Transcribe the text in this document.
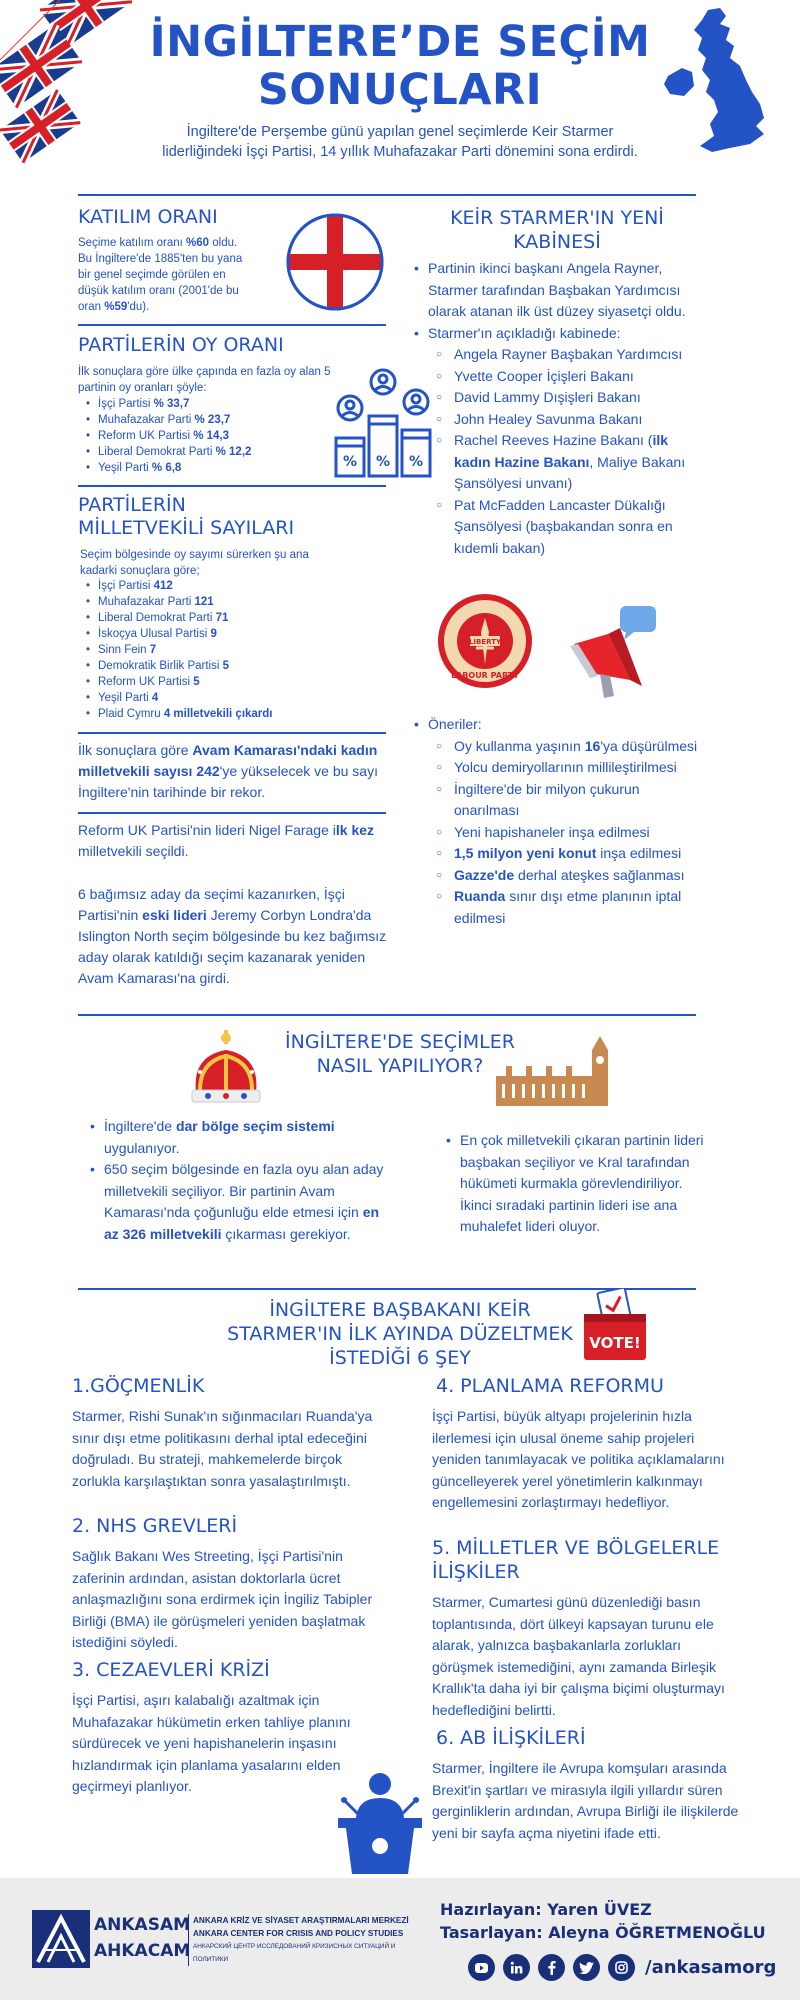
İNGİLTERE’DE SEÇİM
SONUÇLARI
İngiltere'de Perşembe günü yapılan genel seçimlerde Keir Starmer liderliğindeki İşçi Partisi, 14 yıllık Muhafazakar Parti dönemini sona erdirdi.
KATILIM ORANI
Seçime katılım oranı %60 oldu. Bu İngiltere'de 1885'ten bu yana bir genel seçimde görülen en düşük katılım oranı (2001'de bu oran %59'du).
PARTİLERİN OY ORANI
İlk sonuçlara göre ülke çapında en fazla oy alan 5 partinin oy oranları şöyle:
• İşçi Partisi % 33,7
• Muhafazakar Parti % 23,7
• Reform UK Partisi % 14,3
• Liberal Demokrat Parti % 12,2
• Yeşil Parti % 6,8	% % %
PARTİLERİN
MİLLETVEKİLİ SAYILARI
Seçim bölgesinde oy sayımı sürerken şu ana kadarki sonuçlara göre;
• İşçi Partisi 412
• Muhafazakar Parti 121
• Liberal Demokrat Parti 71
• İskoçya Ulusal Partisi 9
• Sinn Fein 7
• Demokratik Birlik Partisi 5
• Reform UK Partisi 5
• Yeşil Parti 4
• Plaid Cymru 4 milletvekili çıkardı
İlk sonuçlara göre Avam Kamarası'ndaki kadın milletvekili sayısı 242'ye yükselecek ve bu sayı İngiltere'nin tarihinde bir rekor.
Reform UK Partisi'nin lideri Nigel Farage ilk kez milletvekili seçildi.
6 bağımsız aday da seçimi kazanırken, İşçi Partisi'nin eski lideri Jeremy Corbyn Londra'da Islington North seçim bölgesinde bu kez bağımsız aday olarak katıldığı seçim kazanarak yeniden Avam Kamarası'na girdi.
KEİR STARMER'IN YENİ
KABİNESİ
• Partinin ikinci başkanı Angela Rayner, Starmer tarafından Başbakan Yardımcısı olarak atanan ilk üst düzey siyasetçi oldu.
• Starmer'ın açıkladığı kabinede:
○ Angela Rayner Başbakan Yardımcısı
○ Yvette Cooper İçişleri Bakanı
○ David Lammy Dışişleri Bakanı
○ John Healey Savunma Bakanı
○ Rachel Reeves Hazine Bakanı (ilk kadın Hazine Bakanı, Maliye Bakanı Şansölyesi unvanı)
○ Pat McFadden Lancaster Dükalığı Şansölyesi (başbakandan sonra en kıdemli bakan)
LIBERTY
LABOUR PARTY
• Öneriler:
○ Oy kullanma yaşının 16'ya düşürülmesi
○ Yolcu demiryollarının millileştirilmesi
○ İngiltere'de bir milyon çukurun onarılması
○ Yeni hapishaneler inşa edilmesi
○ 1,5 milyon yeni konut inşa edilmesi
○ Gazze'de derhal ateşkes sağlanması
○ Ruanda sınır dışı etme planının iptal edilmesi
İNGİLTERE'DE SEÇİMLER
NASIL YAPILIYOR?
• İngiltere'de dar bölge seçim sistemi uygulanıyor.
• 650 seçim bölgesinde en fazla oyu alan aday milletvekili seçiliyor. Bir partinin Avam Kamarası'nda çoğunluğu elde etmesi için en az 326 milletvekili çıkarması gerekiyor.
• En çok milletvekili çıkaran partinin lideri başbakan seçiliyor ve Kral tarafından hükümeti kurmakla görevlendiriliyor. İkinci sıradaki partinin lideri ise ana muhalefet lideri oluyor.
İNGİLTERE BAŞBAKANI KEİR
STARMER'IN İLK AYINDA DÜZELTMEK
İSTEDİĞİ 6 ŞEY
VOTE!
1.GÖÇMENLİK
Starmer, Rishi Sunak'ın sığınmacıları Ruanda'ya sınır dışı etme politikasını derhal iptal edeceğini doğruladı. Bu strateji, mahkemelerde birçok zorlukla karşılaştıktan sonra yasalaştırılmıştı.
2. NHS GREVLERİ
Sağlık Bakanı Wes Streeting, İşçi Partisi'nin zaferinin ardından, asistan doktorlarla ücret anlaşmazlığını sona erdirmek için İngiliz Tabipler Birliği (BMA) ile görüşmeleri yeniden başlatmak istediğini söyledi.
3. CEZAEVLERİ KRİZİ
İşçi Partisi, aşırı kalabalığı azaltmak için Muhafazakar hükümetin erken tahliye planını sürdürecek ve yeni hapishanelerin inşasını hızlandırmak için planlama yasalarını elden geçirmeyi planlıyor.
4. PLANLAMA REFORMU
İşçi Partisi, büyük altyapı projelerinin hızla ilerlemesi için ulusal öneme sahip projeleri yeniden tanımlayacak ve politika açıklamalarını güncelleyerek yerel yönetimlerin kalkınmayı engellemesini zorlaştırmayı hedefliyor.
5. MİLLETLER VE BÖLGELERLE
İLİŞKİLER
Starmer, Cumartesi günü düzenlediği basın toplantısında, dört ülkeyi kapsayan turunu ele alarak, yalnızca başbakanlarla zorlukları görüşmek istemediğini, aynı zamanda Birleşik Krallık'ta daha iyi bir çalışma biçimi oluşturmayı hedeflediğini belirtti.
6. AB İLİŞKİLERİ
Starmer, İngiltere ile Avrupa komşuları arasında Brexit'in şartları ve mirasıyla ilgili yıllardır süren gerginliklerin ardından, Avrupa Birliği ile ilişkilerde yeni bir sayfa açma niyetini ifade etti.
ANKASAM
AHKACAM
ANKARA KRİZ VE SİYASET ARAŞTIRMALARI MERKEZİ
ANKARA CENTER FOR CRISIS AND POLICY STUDIES
АНКАРСКИЙ ЦЕНТР ИССЛЕДОВАНИЙ КРИЗИСНЫХ СИТУАЦИЙ И ПОЛИТИКИ
Hazırlayan: Yaren ÜVEZ
Tasarlayan: Aleyna ÖĞRETMENOĞLU
/ankasamorg
